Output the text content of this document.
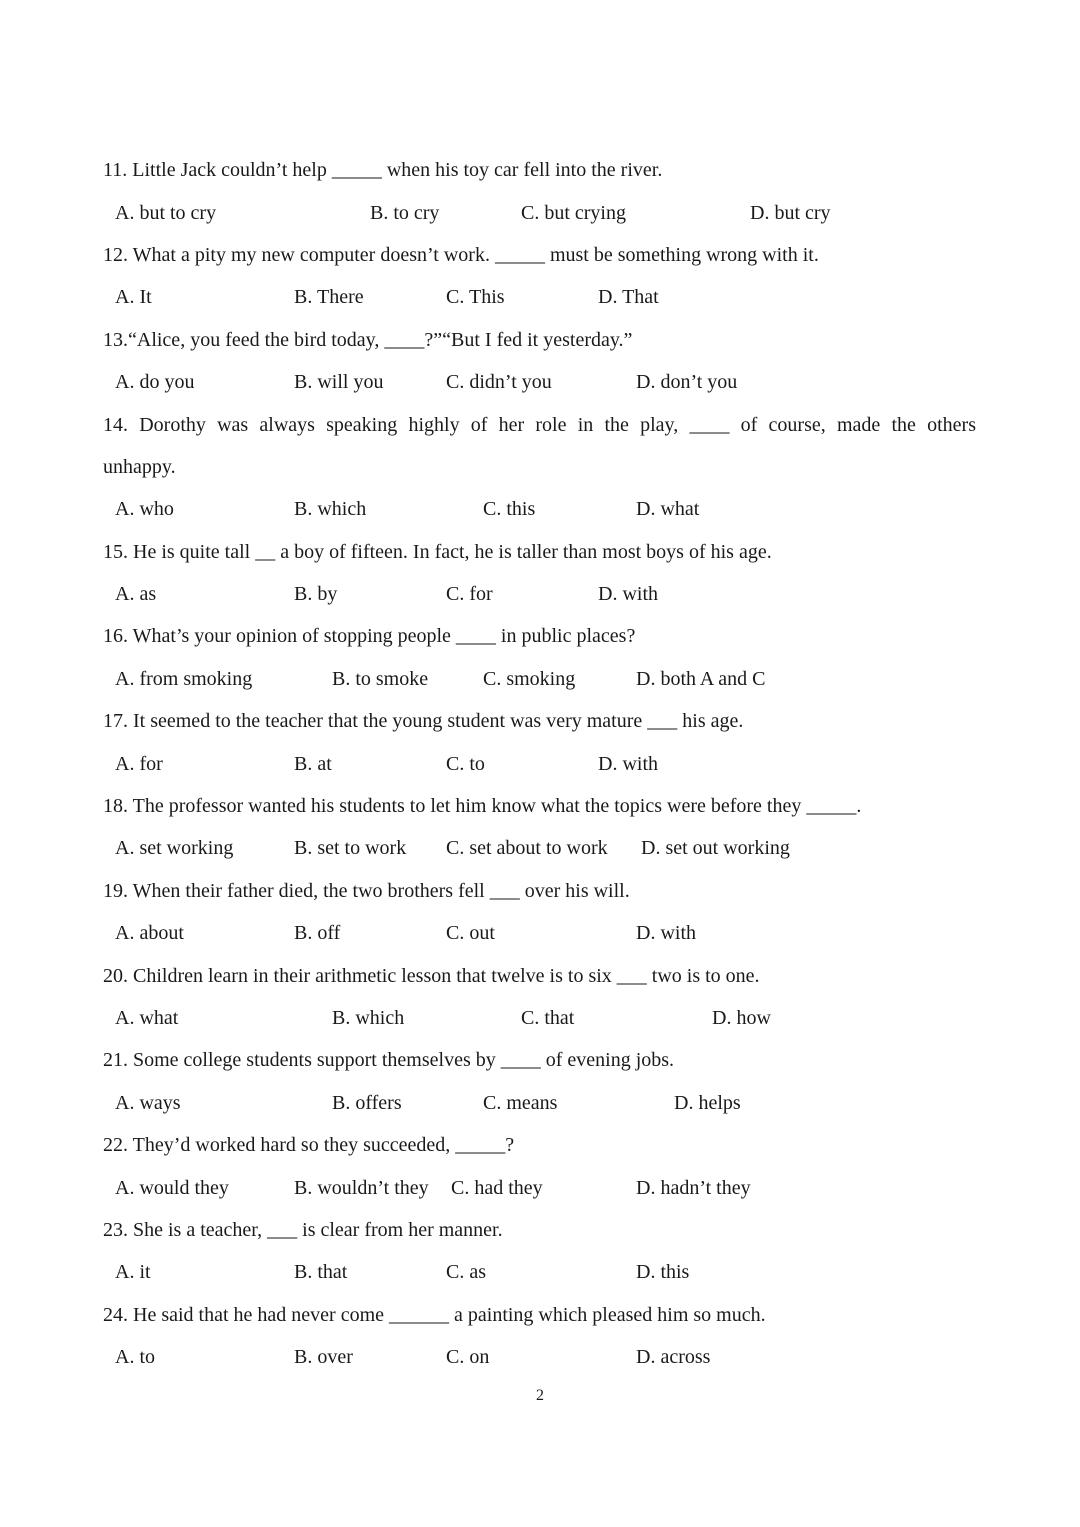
11. Little Jack couldn’t help _____ when his toy car fell into the river.
A. but to cry	B. to cry	C. but crying	D. but cry
12. What a pity my new computer doesn’t work. _____ must be something wrong with it.
A. It	B. There	C. This	D. That
13.“Alice, you feed the bird today, ____?”“But I fed it yesterday.”
A. do you	B. will you	C. didn’t you	D. don’t you
14. Dorothy was always speaking highly of her role in the play, ____ of course, made the others
unhappy.
A. who	B. which	C. this	D. what
15. He is quite tall __ a boy of fifteen. In fact, he is taller than most boys of his age.
A. as	B. by	C. for	D. with
16. What’s your opinion of stopping people ____ in public places?
A. from smoking	B. to smoke	C. smoking	D. both A and C
17. It seemed to the teacher that the young student was very mature ___ his age.
A. for	B. at	C. to	D. with
18. The professor wanted his students to let him know what the topics were before they _____.
A. set working	B. set to work C. set about to work D. set out working
19. When their father died, the two brothers fell ___ over his will.
A. about	B. off	C. out	D. with
20. Children learn in their arithmetic lesson that twelve is to six ___ two is to one.
A. what	B. which	C. that	D. how
21. Some college students support themselves by ____ of evening jobs.
A. ways	B. offers	C. means	D. helps
22. They’d worked hard so they succeeded, _____?
A. would they	B. wouldn’t they C. had they	D. hadn’t they
23. She is a teacher, ___ is clear from her manner.
A. it	B. that	C. as	D. this
24. He said that he had never come ______ a painting which pleased him so much.
A. to	B. over	C. on	D. across
2
